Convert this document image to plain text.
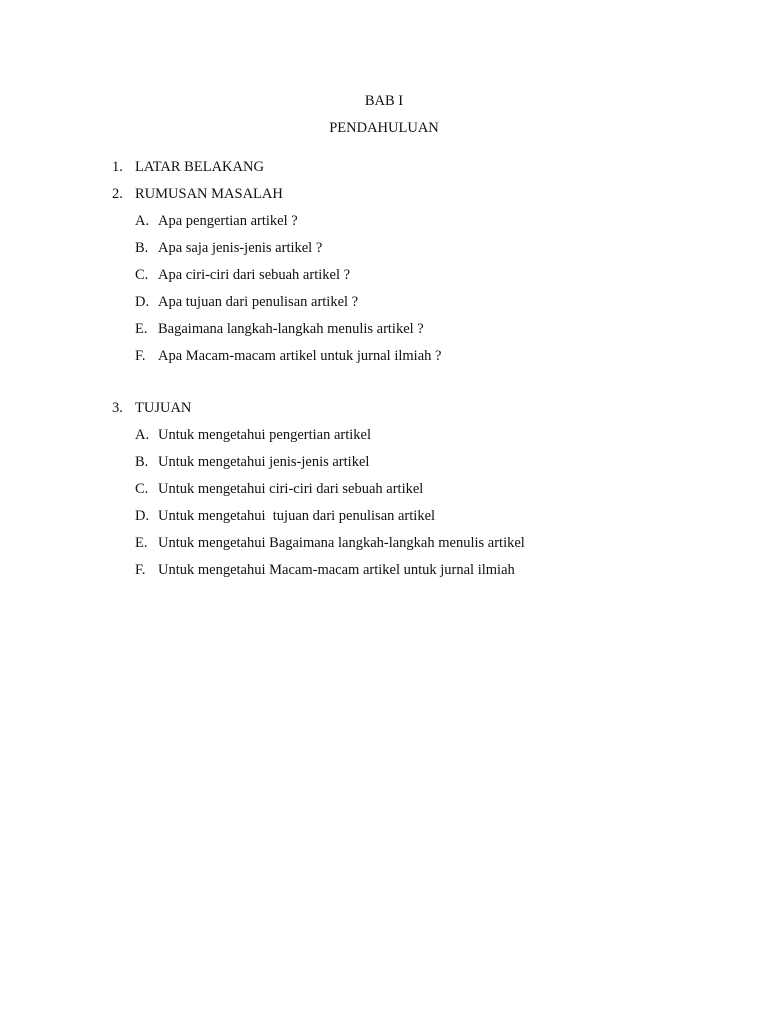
BAB I
PENDAHULUAN
1. LATAR BELAKANG
2. RUMUSAN MASALAH
A. Apa pengertian artikel ?
B. Apa saja jenis-jenis artikel ?
C. Apa ciri-ciri dari sebuah artikel ?
D. Apa tujuan dari penulisan artikel ?
E. Bagaimana langkah-langkah menulis artikel ?
F. Apa Macam-macam artikel untuk jurnal ilmiah ?
3. TUJUAN
A. Untuk mengetahui pengertian artikel
B. Untuk mengetahui jenis-jenis artikel
C. Untuk mengetahui ciri-ciri dari sebuah artikel
D. Untuk mengetahui  tujuan dari penulisan artikel
E. Untuk mengetahui Bagaimana langkah-langkah menulis artikel
F. Untuk mengetahui Macam-macam artikel untuk jurnal ilmiah
